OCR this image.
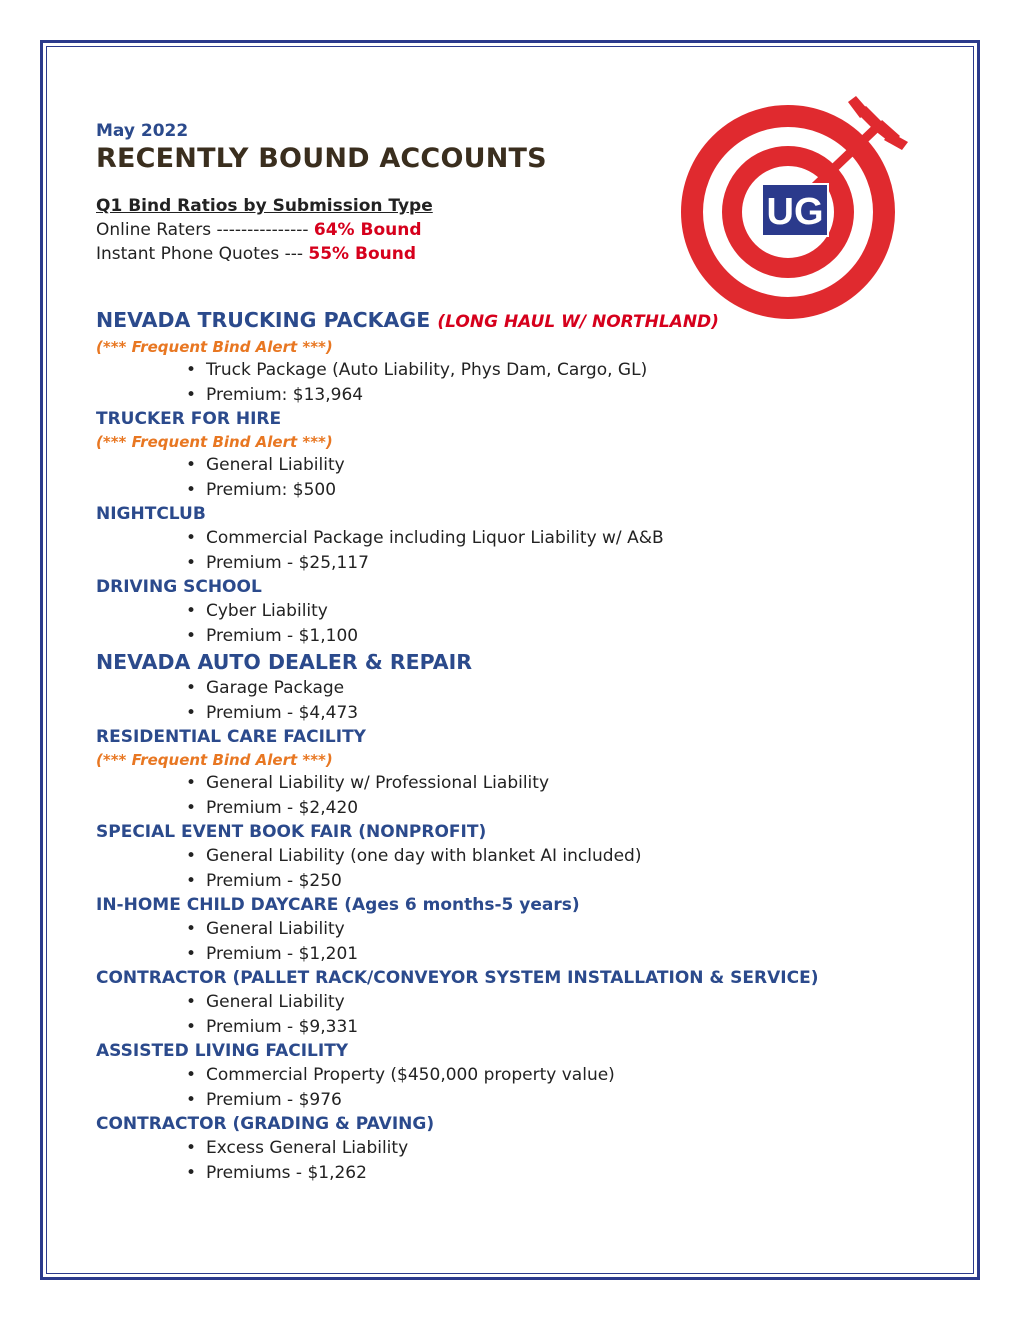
UG

May 2022

RECENTLY BOUND ACCOUNTS
Q1 Bind Ratios by Submission Type
Online Raters --------------- 64% Bound
Instant Phone Quotes --- 55% Bound
NEVADA TRUCKING PACKAGE (LONG HAUL W/ NORTHLAND)
(*** Frequent Bind Alert ***)
• Truck Package (Auto Liability, Phys Dam, Cargo, GL)
• Premium: $13,964
TRUCKER FOR HIRE
(*** Frequent Bind Alert ***)
• General Liability
• Premium: $500
NIGHTCLUB
• Commercial Package including Liquor Liability w/ A&B
• Premium - $25,117
DRIVING SCHOOL
• Cyber Liability
• Premium - $1,100
NEVADA AUTO DEALER & REPAIR
• Garage Package
• Premium - $4,473
RESIDENTIAL CARE FACILITY
(*** Frequent Bind Alert ***)
• General Liability w/ Professional Liability
• Premium - $2,420
SPECIAL EVENT BOOK FAIR (NONPROFIT)
• General Liability (one day with blanket AI included)
• Premium - $250
IN-HOME CHILD DAYCARE (Ages 6 months-5 years)
• General Liability
• Premium - $1,201
CONTRACTOR (PALLET RACK/CONVEYOR SYSTEM INSTALLATION & SERVICE)
• General Liability
• Premium - $9,331
ASSISTED LIVING FACILITY
• Commercial Property ($450,000 property value)
• Premium - $976
CONTRACTOR (GRADING & PAVING)
• Excess General Liability
• Premiums - $1,262
